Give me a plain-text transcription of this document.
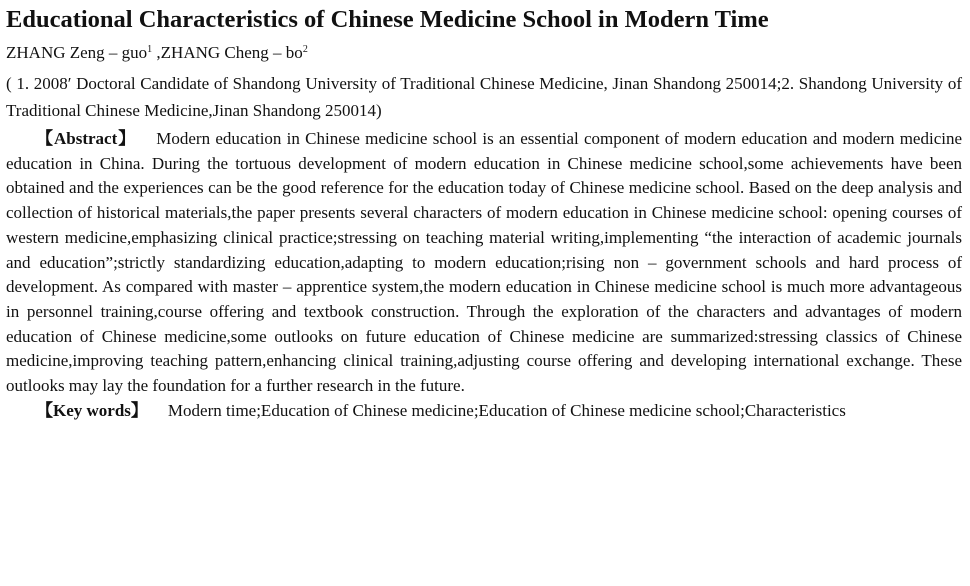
Educational Characteristics of Chinese Medicine School in Modern Time
ZHANG Zeng – guo$^1$ ,ZHANG Cheng – $bo^2$
( 1. 2008′ Doctoral Candidate of Shandong University of Traditional Chinese Medicine, Jinan Shandong 250014;2. Shandong University of Traditional Chinese Medicine,Jinan Shandong 250014)

【Abstract】 Modern education in Chinese medicine school is an essential component of modern education and modern medicine education in China. During the tortuous development of modern education in Chinese medicine school,some achievements have been obtained and the experiences can be the good reference for the education today of Chinese medicine school. Based on the deep analysis and collection of historical materials,the paper presents several characters of modern education in Chinese medicine school: opening courses of western medicine,emphasizing clinical practice;stressing on teaching material writing,implementing “the interaction of academic journals and education”;strictly standardizing education,adapting to modern education;rising non – government schools and hard process of development. As compared with master – apprentice system,the modern education in Chinese medicine school is much more advantageous in personnel training,course offering and textbook construction. Through the exploration of the characters and advantages of modern education of Chinese medicine,some outlooks on future education of Chinese medicine are summarized:stressing classics of Chinese medicine,improving teaching pattern,enhancing clinical training,adjusting course offering and developing international exchange. These outlooks may lay the foundation for a further research in the future.

【Key words】 Modern time;Education of Chinese medicine;Education of Chinese medicine school;Characteristics
